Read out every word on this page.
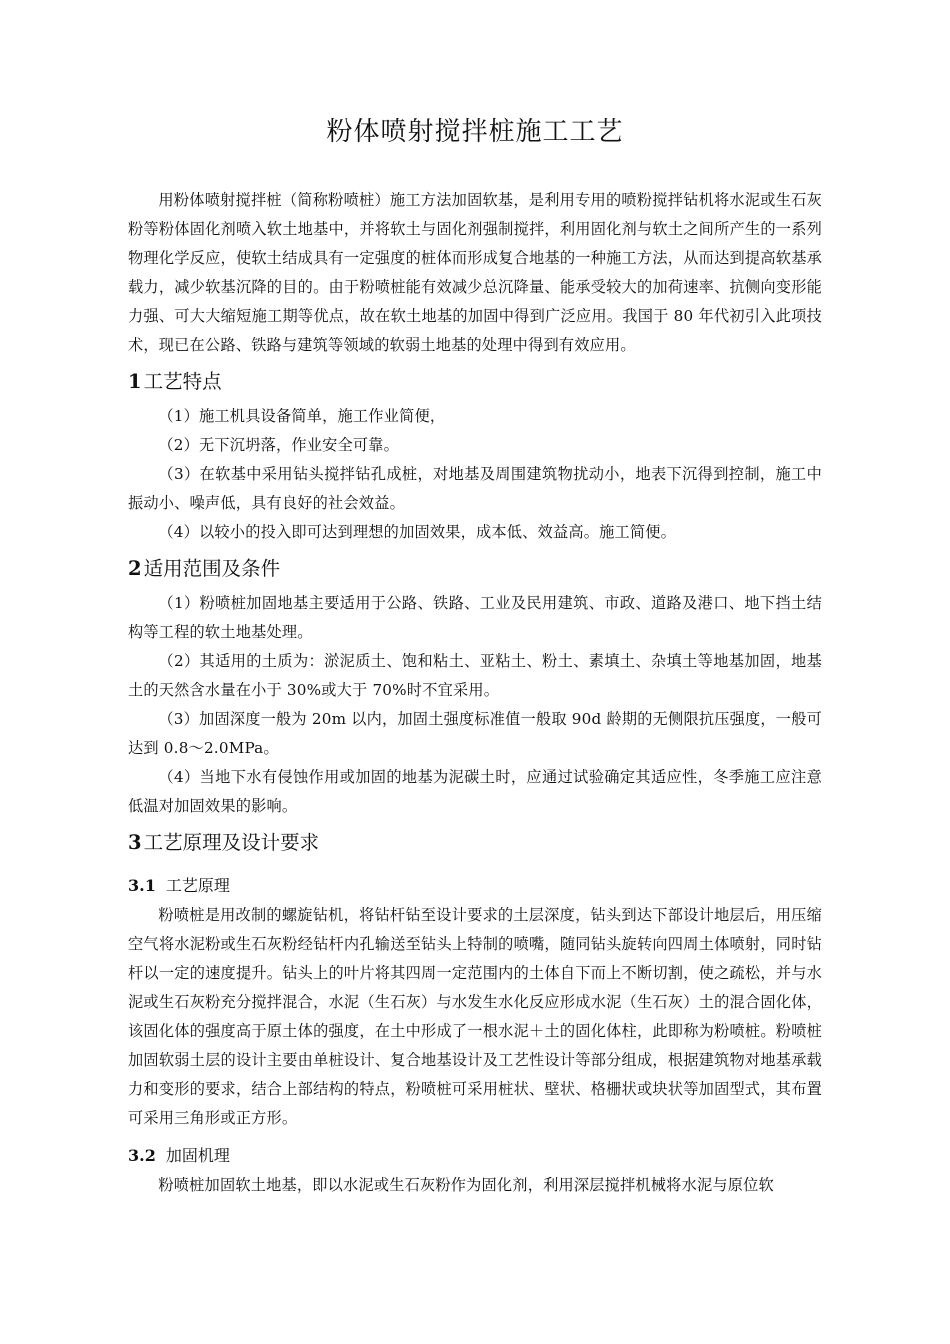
粉体喷射搅拌桩施工工艺

用粉体喷射搅拌桩（简称粉喷桩）施工方法加固软基，是利用专用的喷粉搅拌钻机将水泥或生石灰粉等粉体固化剂喷入软土地基中，并将软土与固化剂强制搅拌，利用固化剂与软土之间所产生的一系列物理化学反应，使软土结成具有一定强度的桩体而形成复合地基的一种施工方法，从而达到提高软基承载力，减少软基沉降的目的。由于粉喷桩能有效减少总沉降量、能承受较大的加荷速率、抗侧向变形能力强、可大大缩短施工期等优点，故在软土地基的加固中得到广泛应用。我国于 80 年代初引入此项技术，现已在公路、铁路与建筑等领域的软弱土地基的处理中得到有效应用。

1 工艺特点

（1）施工机具设备简单，施工作业简便，

（2）无下沉坍落，作业安全可靠。

（3）在软基中采用钻头搅拌钻孔成桩，对地基及周围建筑物扰动小，地表下沉得到控制，施工中振动小、噪声低，具有良好的社会效益。

（4）以较小的投入即可达到理想的加固效果，成本低、效益高。施工简便。

2 适用范围及条件

（1）粉喷桩加固地基主要适用于公路、铁路、工业及民用建筑、市政、道路及港口、地下挡土结构等工程的软土地基处理。

（2）其适用的土质为：淤泥质土、饱和粘土、亚粘土、粉土、素填土、杂填土等地基加固，地基土的天然含水量在小于 30%或大于 70%时不宜采用。

（3）加固深度一般为 20m 以内，加固土强度标准值一般取 90d 龄期的无侧限抗压强度，一般可达到 0.8～2.0MPa。

（4）当地下水有侵蚀作用或加固的地基为泥碳土时，应通过试验确定其适应性，冬季施工应注意低温对加固效果的影响。

3 工艺原理及设计要求
3.1 工艺原理

粉喷桩是用改制的螺旋钻机，将钻杆钻至设计要求的土层深度，钻头到达下部设计地层后，用压缩空气将水泥粉或生石灰粉经钻杆内孔输送至钻头上特制的喷嘴，随同钻头旋转向四周土体喷射，同时钻杆以一定的速度提升。钻头上的叶片将其四周一定范围内的土体自下而上不断切割，使之疏松，并与水泥或生石灰粉充分搅拌混合，水泥（生石灰）与水发生水化反应形成水泥（生石灰）土的混合固化体，该固化体的强度高于原土体的强度，在土中形成了一根水泥＋土的固化体柱，此即称为粉喷桩。粉喷桩加固软弱土层的设计主要由单桩设计、复合地基设计及工艺性设计等部分组成，根据建筑物对地基承载力和变形的要求，结合上部结构的特点，粉喷桩可采用桩状、壁状、格栅状或块状等加固型式，其布置可采用三角形或正方形。

3.2 加固机理

粉喷桩加固软土地基，即以水泥或生石灰粉作为固化剂，利用深层搅拌机械将水泥与原位软
